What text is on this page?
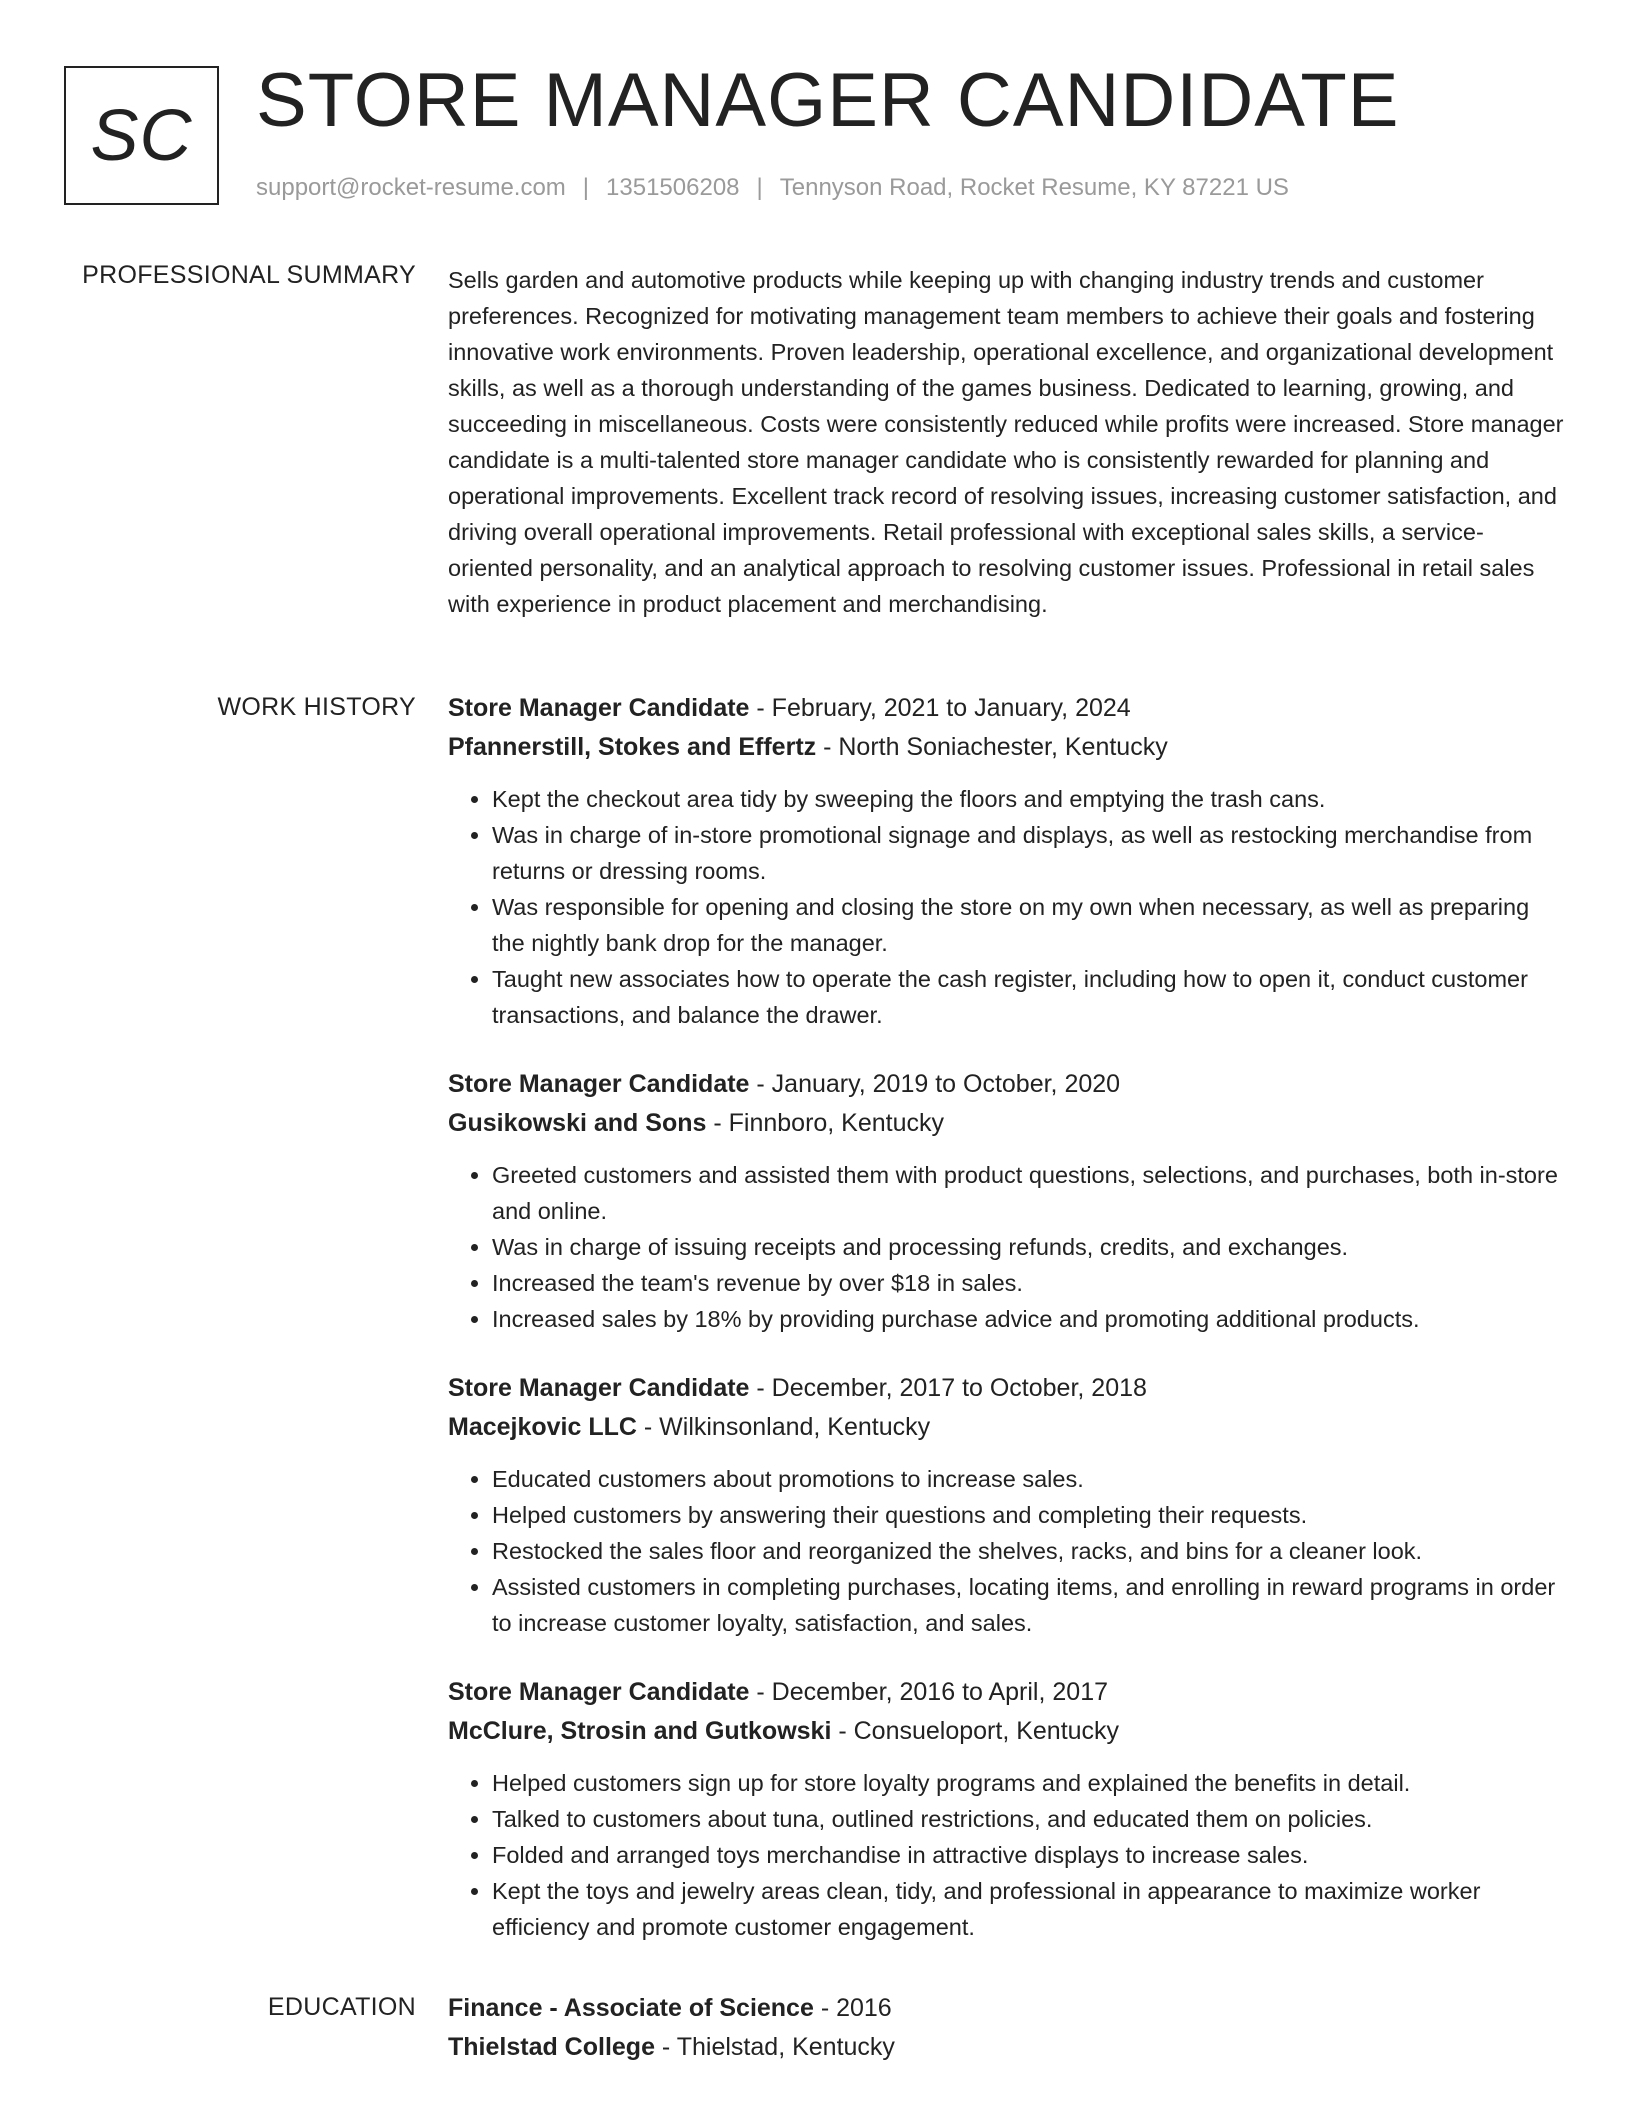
SC STORE MANAGER CANDIDATE
support@rocket-resume.com | 1351506208 | Tennyson Road, Rocket Resume, KY 87221 US
PROFESSIONAL SUMMARY Sells garden and automotive products while keeping up with changing industry trends and customer preferences. Recognized for motivating management team members to achieve their goals and fostering innovative work environments. Proven leadership, operational excellence, and organizational development skills, as well as a thorough understanding of the games business. Dedicated to learning, growing, and succeeding in miscellaneous. Costs were consistently reduced while profits were increased. Store manager candidate is a multi-talented store manager candidate who is consistently rewarded for planning and operational improvements. Excellent track record of resolving issues, increasing customer satisfaction, and driving overall operational improvements. Retail professional with exceptional sales skills, a service-oriented personality, and an analytical approach to resolving customer issues. Professional in retail sales with experience in product placement and merchandising.

WORK HISTORY Store Manager Candidate - February, 2021 to January, 2024
Pfannerstill, Stokes and Effertz - North Soniachester, Kentucky
• Kept the checkout area tidy by sweeping the floors and emptying the trash cans.
• Was in charge of in-store promotional signage and displays, as well as restocking merchandise from returns or dressing rooms.
• Was responsible for opening and closing the store on my own when necessary, as well as preparing the nightly bank drop for the manager.
• Taught new associates how to operate the cash register, including how to open it, conduct customer transactions, and balance the drawer.
Store Manager Candidate - January, 2019 to October, 2020
Gusikowski and Sons - Finnboro, Kentucky
• Greeted customers and assisted them with product questions, selections, and purchases, both in-store and online.
• Was in charge of issuing receipts and processing refunds, credits, and exchanges.
• Increased the team's revenue by over $18 in sales.
• Increased sales by 18% by providing purchase advice and promoting additional products.
Store Manager Candidate - December, 2017 to October, 2018
Macejkovic LLC - Wilkinsonland, Kentucky
• Educated customers about promotions to increase sales.
• Helped customers by answering their questions and completing their requests.
• Restocked the sales floor and reorganized the shelves, racks, and bins for a cleaner look.
• Assisted customers in completing purchases, locating items, and enrolling in reward programs in order to increase customer loyalty, satisfaction, and sales.
Store Manager Candidate - December, 2016 to April, 2017
McClure, Strosin and Gutkowski - Consueloport, Kentucky
• Helped customers sign up for store loyalty programs and explained the benefits in detail.
• Talked to customers about tuna, outlined restrictions, and educated them on policies.
• Folded and arranged toys merchandise in attractive displays to increase sales.
• Kept the toys and jewelry areas clean, tidy, and professional in appearance to maximize worker efficiency and promote customer engagement.
EDUCATION Finance - Associate of Science - 2016
Thielstad College - Thielstad, Kentucky
